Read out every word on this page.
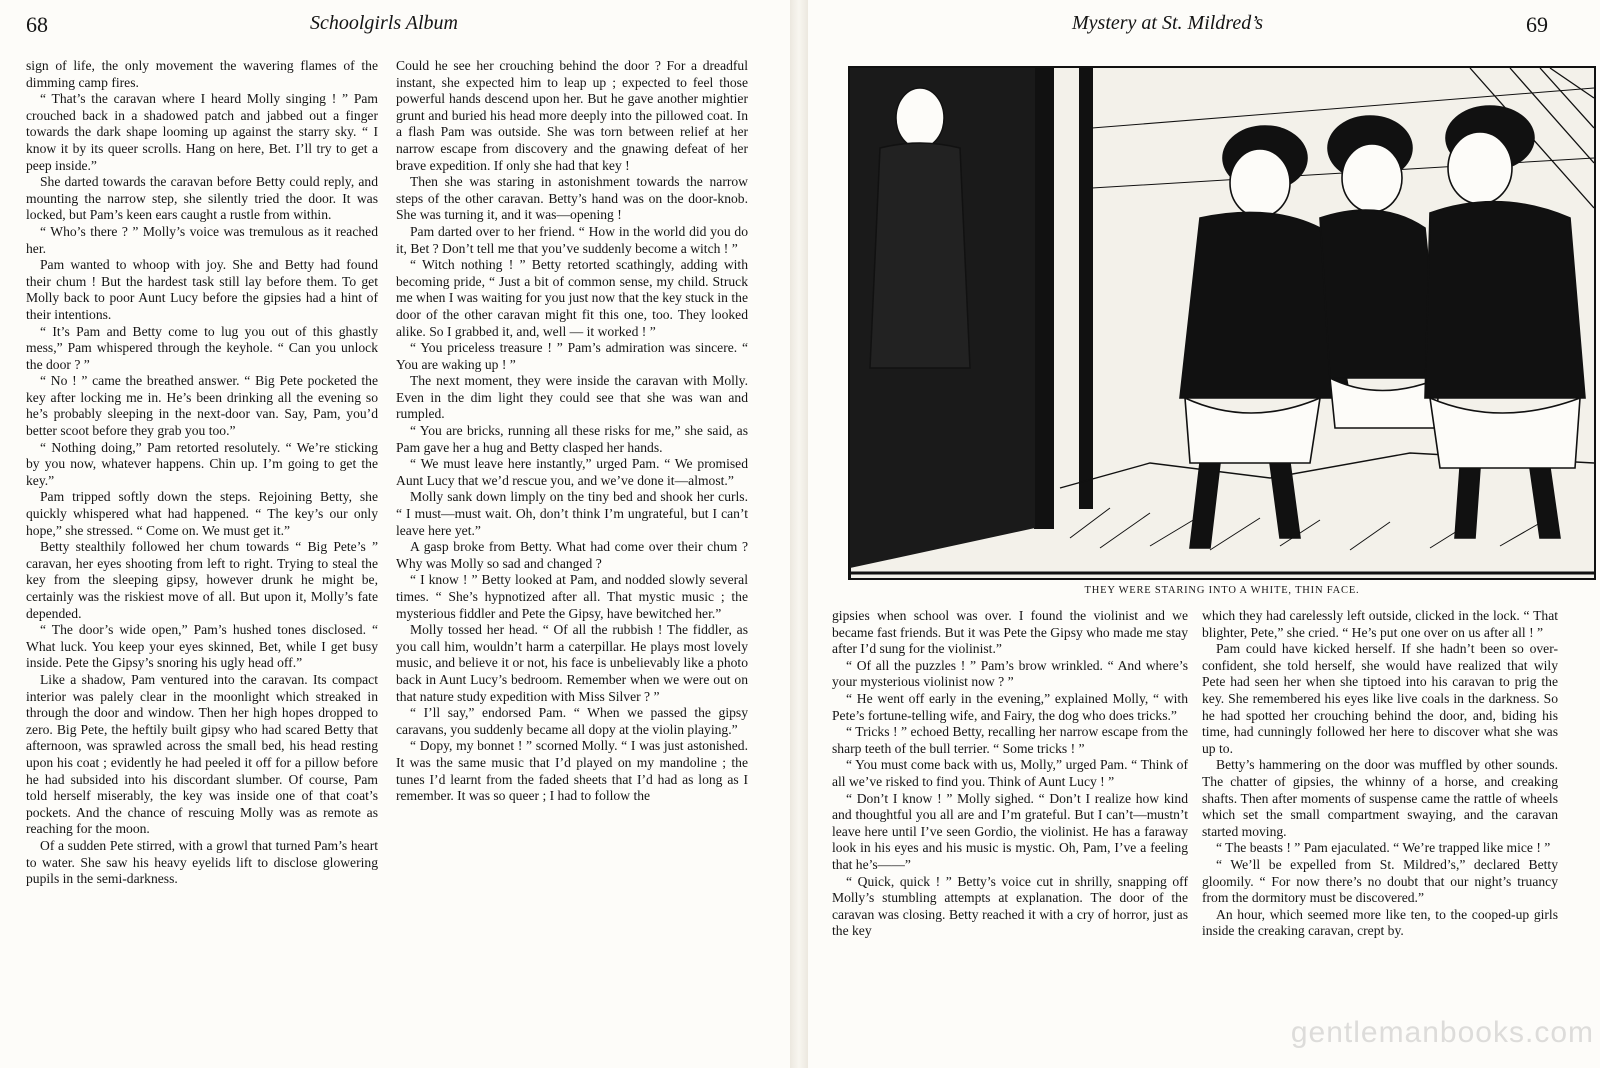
68	Schoolgirls Album

sign of life, the only movement the wavering flames of the dimming camp fires.

“ That’s the caravan where I heard Molly singing ! ” Pam crouched back in a shadowed patch and jabbed out a finger towards the dark shape looming up against the starry sky. “ I know it by its queer scrolls. Hang on here, Bet. I’ll try to get a peep inside.”

She darted towards the caravan before Betty could reply, and mounting the narrow step, she silently tried the door. It was locked, but Pam’s keen ears caught a rustle from within.

“ Who’s there ? ” Molly’s voice was tremulous as it reached her.

Pam wanted to whoop with joy. She and Betty had found their chum ! But the hardest task still lay before them. To get Molly back to poor Aunt Lucy before the gipsies had a hint of their intentions.

“ It’s Pam and Betty come to lug you out of this ghastly mess,” Pam whispered through the keyhole. “ Can you unlock the door ? ”

“ No ! ” came the breathed answer. “ Big Pete pocketed the key after locking me in. He’s been drinking all the evening so he’s probably sleeping in the next-door van. Say, Pam, you’d better scoot before they grab you too.”

“ Nothing doing,” Pam retorted resolutely. “ We’re sticking by you now, whatever happens. Chin up. I’m going to get the key.”

Pam tripped softly down the steps. Rejoining Betty, she quickly whispered what had happened. “ The key’s our only hope,” she stressed. “ Come on. We must get it.”

Betty stealthily followed her chum towards “ Big Pete’s ” caravan, her eyes shooting from left to right. Trying to steal the key from the sleeping gipsy, however drunk he might be, certainly was the riskiest move of all. But upon it, Molly’s fate depended.

“ The door’s wide open,” Pam’s hushed tones disclosed. “ What luck. You keep your eyes skinned, Bet, while I get busy inside. Pete the Gipsy’s snoring his ugly head off.”

Like a shadow, Pam ventured into the caravan. Its compact interior was palely clear in the moonlight which streaked in through the door and window. Then her high hopes dropped to zero. Big Pete, the heftily built gipsy who had scared Betty that afternoon, was sprawled across the small bed, his head resting upon his coat ; evidently he had peeled it off for a pillow before he had subsided into his discordant slumber. Of course, Pam told herself miserably, the key was inside one of that coat’s pockets. And the chance of rescuing Molly was as remote as reaching for the moon.

Of a sudden Pete stirred, with a growl that turned Pam’s heart to water. She saw his heavy eyelids lift to disclose glowering pupils in the semi-darkness.

Could he see her crouching behind the door ? For a dreadful instant, she expected him to leap up ; expected to feel those powerful hands descend upon her. But he gave another mightier grunt and buried his head more deeply into the pillowed coat. In a flash Pam was outside. She was torn between relief at her narrow escape from discovery and the gnawing defeat of her brave expedition. If only she had that key !

Then she was staring in astonishment towards the narrow steps of the other caravan. Betty’s hand was on the door-knob. She was turning it, and it was—opening !

Pam darted over to her friend. “ How in the world did you do it, Bet ? Don’t tell me that you’ve suddenly become a witch ! ”

“ Witch nothing ! ” Betty retorted scathingly, adding with becoming pride, “ Just a bit of common sense, my child. Struck me when I was waiting for you just now that the key stuck in the door of the other caravan might fit this one, too. They looked alike. So I grabbed it, and, well — it worked ! ”

“ You priceless treasure ! ” Pam’s admiration was sincere. “ You are waking up ! ”

The next moment, they were inside the caravan with Molly. Even in the dim light they could see that she was wan and rumpled.

“ You are bricks, running all these risks for me,” she said, as Pam gave her a hug and Betty clasped her hands.

“ We must leave here instantly,” urged Pam. “ We promised Aunt Lucy that we’d rescue you, and we’ve done it—almost.”

Molly sank down limply on the tiny bed and shook her curls. “ I must—must wait. Oh, don’t think I’m ungrateful, but I can’t leave here yet.”

A gasp broke from Betty. What had come over their chum ? Why was Molly so sad and changed ?

“ I know ! ” Betty looked at Pam, and nodded slowly several times. “ She’s hypnotized after all. That mystic music ; the mysterious fiddler and Pete the Gipsy, have bewitched her.”

Molly tossed her head. “ Of all the rubbish ! The fiddler, as you call him, wouldn’t harm a caterpillar. He plays most lovely music, and believe it or not, his face is unbelievably like a photo back in Aunt Lucy’s bedroom. Remember when we were out on that nature study expedition with Miss Silver ? ”

“ I’ll say,” endorsed Pam. “ When we passed the gipsy caravans, you suddenly became all dopy at the violin playing.”

“ Dopy, my bonnet ! ” scorned Molly. “ I was just astonished. It was the same music that I’d played on my mandoline ; the tunes I’d learnt from the faded sheets that I’d had as long as I remember. It was so queer ; I had to follow the

Mystery at St. Mildred’s	69
THEY WERE STARING INTO A WHITE, THIN FACE.

gipsies when school was over. I found the violinist and we became fast friends. But it was Pete the Gipsy who made me stay after I’d sung for the violinist.”

“ Of all the puzzles ! ” Pam’s brow wrinkled. “ And where’s your mysterious violinist now ? ”

“ He went off early in the evening,” explained Molly, “ with Pete’s fortune-telling wife, and Fairy, the dog who does tricks.”

“ Tricks ! ” echoed Betty, recalling her narrow escape from the sharp teeth of the bull terrier. “ Some tricks ! ”

“ You must come back with us, Molly,” urged Pam. “ Think of all we’ve risked to find you. Think of Aunt Lucy ! ”

“ Don’t I know ! ” Molly sighed. “ Don’t I realize how kind and thoughtful you all are and I’m grateful. But I can’t—mustn’t leave here until I’ve seen Gordio, the violinist. He has a faraway look in his eyes and his music is mystic. Oh, Pam, I’ve a feeling that he’s——”

“ Quick, quick ! ” Betty’s voice cut in shrilly, snapping off Molly’s stumbling attempts at explanation. The door of the caravan was closing. Betty reached it with a cry of horror, just as the key

which they had carelessly left outside, clicked in the lock. “ That blighter, Pete,” she cried. “ He’s put one over on us after all ! ”

Pam could have kicked herself. If she hadn’t been so over-confident, she told herself, she would have realized that wily Pete had seen her when she tiptoed into his caravan to prig the key. She remembered his eyes like live coals in the darkness. So he had spotted her crouching behind the door, and, biding his time, had cunningly followed her here to discover what she was up to.

Betty’s hammering on the door was muffled by other sounds. The chatter of gipsies, the whinny of a horse, and creaking shafts. Then after moments of suspense came the rattle of wheels which set the small compartment swaying, and the caravan started moving.

“ The beasts ! ” Pam ejaculated. “ We’re trapped like mice ! ”

“ We’ll be expelled from St. Mildred’s,” declared Betty gloomily. “ For now there’s no doubt that our night’s truancy from the dormitory must be discovered.”

An hour, which seemed more like ten, to the cooped-up girls inside the creaking caravan, crept by.

gentlemanbooks.com
